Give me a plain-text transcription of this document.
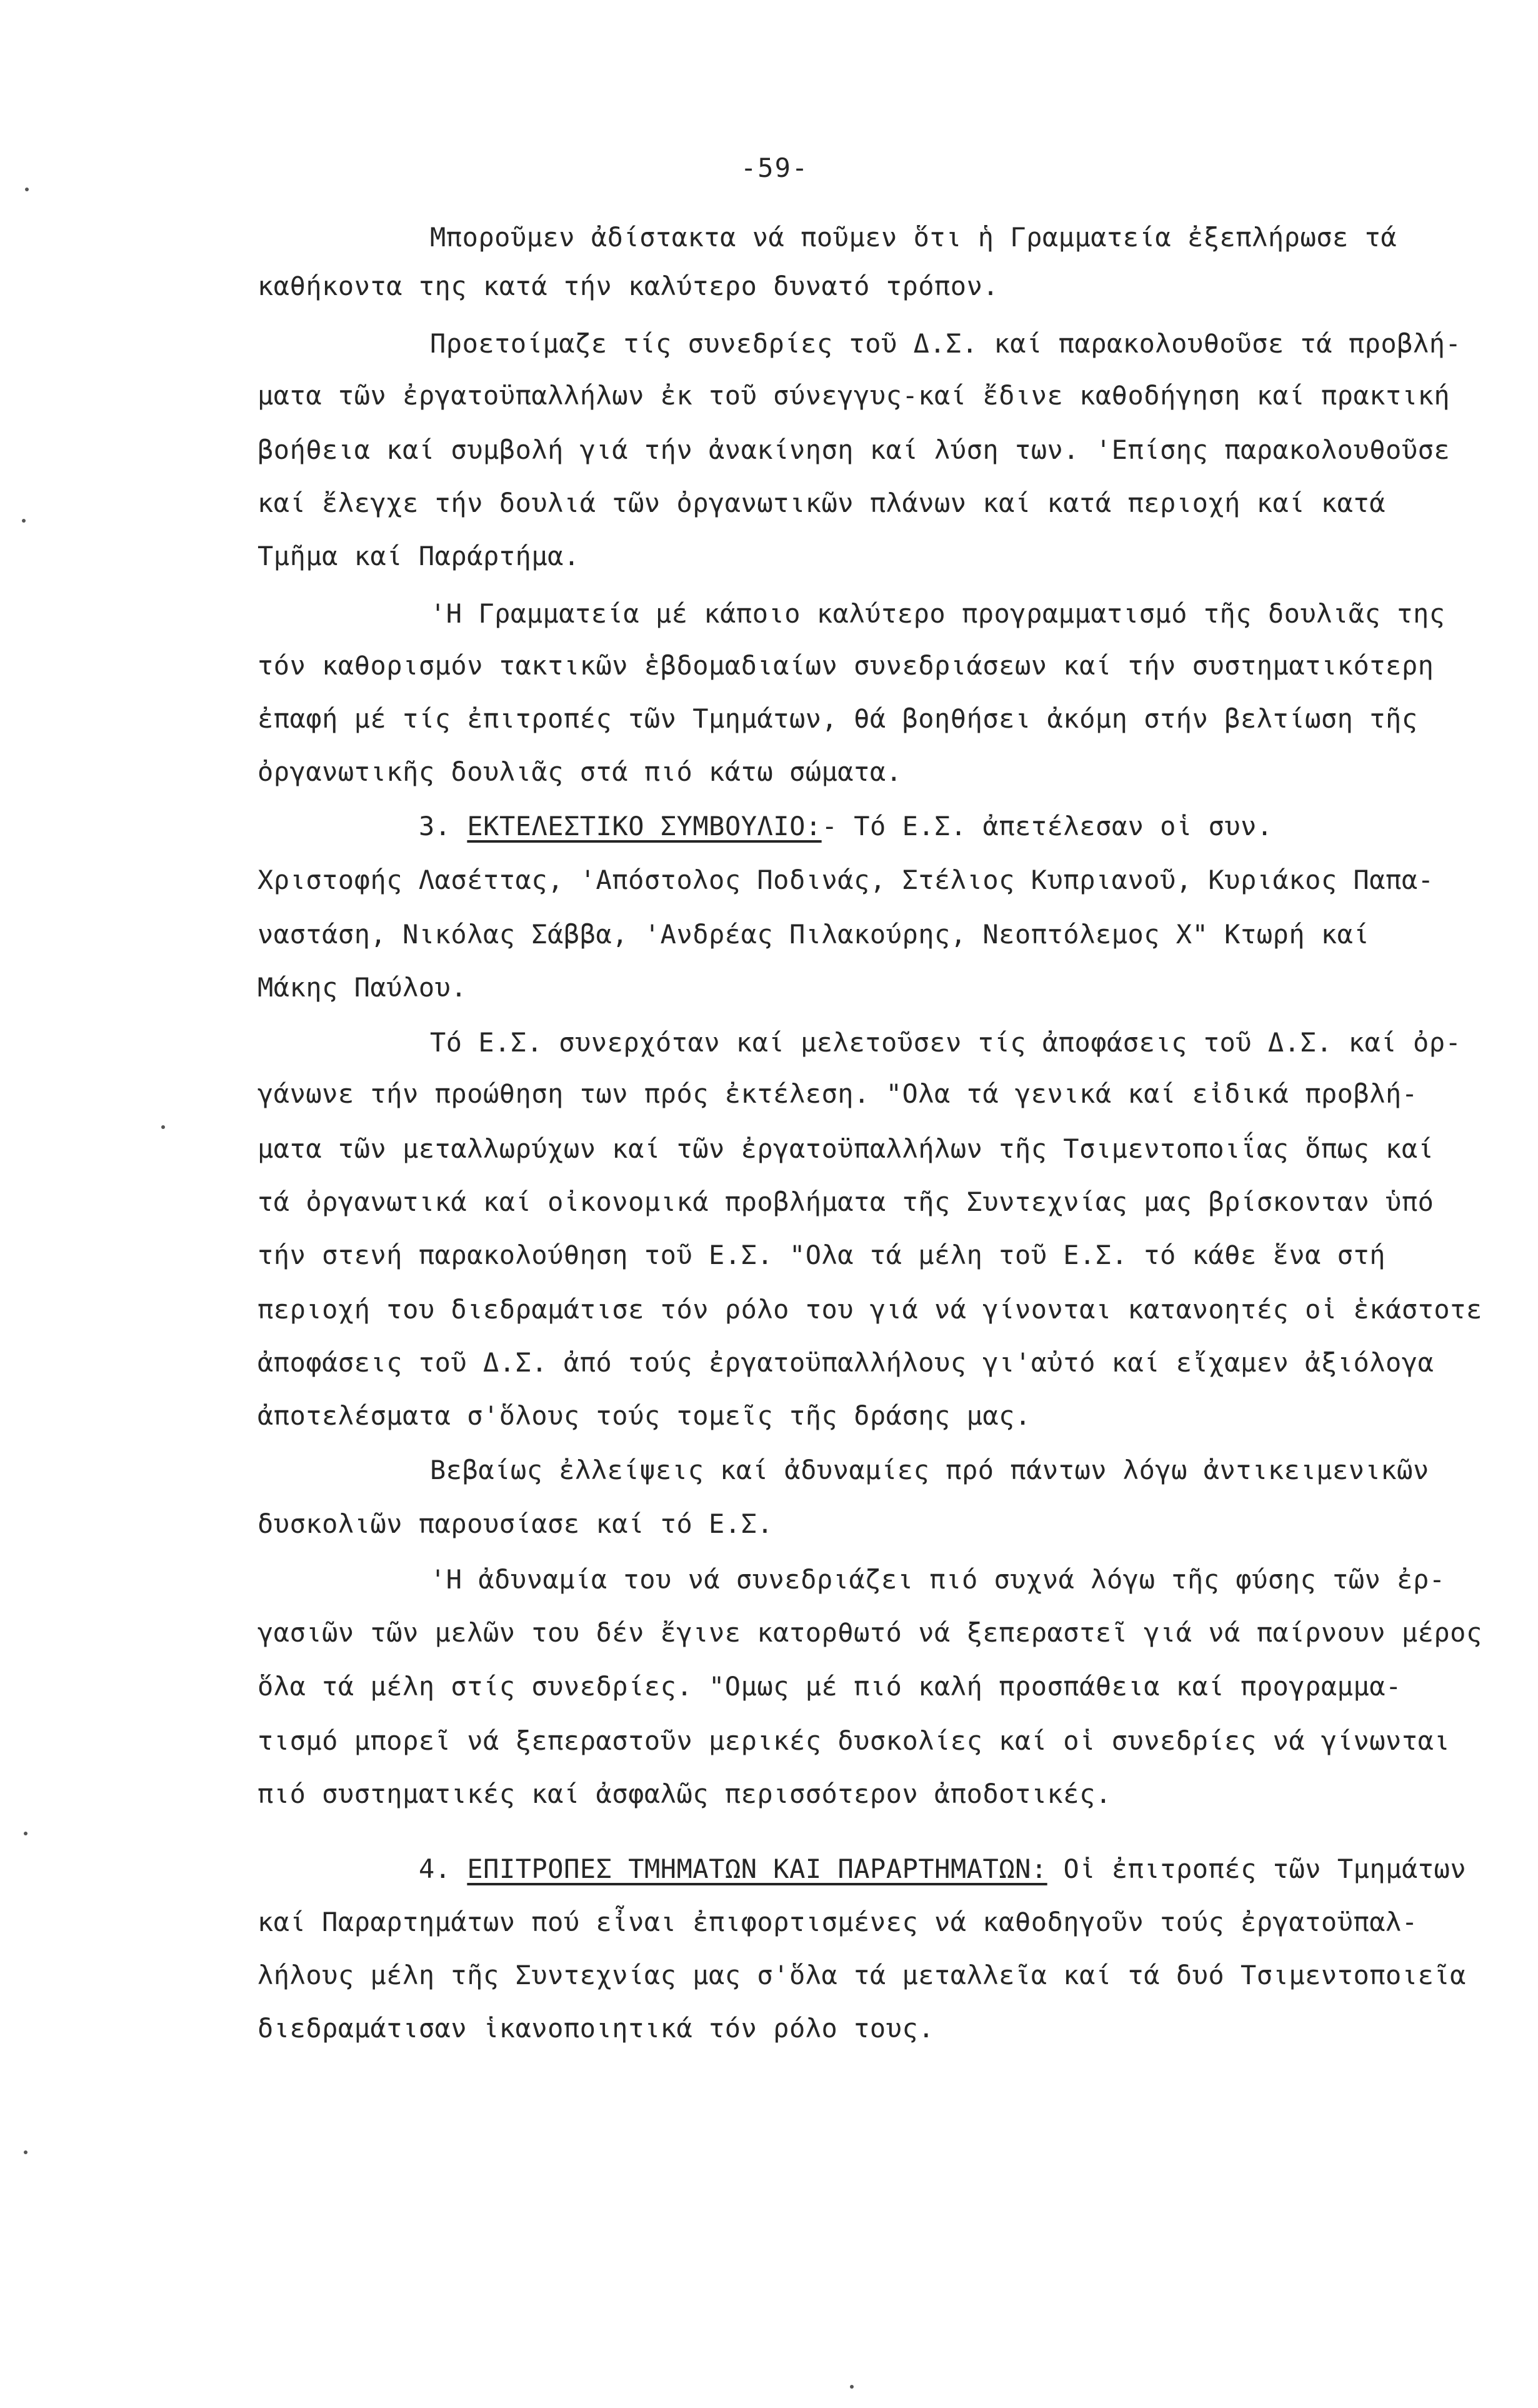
-59-
Μποροῦμεν ἀδίστακτα νά ποῦμεν ὅτι ἡ Γραμματεία ἐξεπλήρωσε τά
καθήκοντα της κατά τήν καλύτερο δυνατό τρόπον.
Προετοίμαζε τίς συνεδρίες τοῦ Δ.Σ. καί παρακολουθοῦσε τά προβλή-
ματα τῶν ἐργατοϋπαλλήλων ἐκ τοῦ σύνεγγυς-καί ἔδινε καθοδήγηση καί πρακτική
βοήθεια καί συμβολή γιά τήν ἀνακίνηση καί λύση των. 'Επίσης παρακολουθοῦσε
καί ἔλεγχε τήν δουλιά τῶν ὀργανωτικῶν πλάνων καί κατά περιοχή καί κατά
Τμῆμα καί Παράρτήμα.
'Η Γραμματεία μέ κάποιο καλύτερο προγραμματισμό τῆς δουλιᾶς της
τόν καθορισμόν τακτικῶν ἑβδομαδιαίων συνεδριάσεων καί τήν συστηματικότερη
ἐπαφή μέ τίς ἐπιτροπές τῶν Τμημάτων, θά βοηθήσει ἀκόμη στήν βελτίωση τῆς
ὀργανωτικῆς δουλιᾶς στά πιό κάτω σώματα.
3. ΕΚΤΕΛΕΣΤΙΚΟ ΣΥΜΒΟΥΛΙΟ:- Τό Ε.Σ. ἀπετέλεσαν οἱ συν.
Χριστοφής Λασέττας, 'Απόστολος Ποδινάς, Στέλιος Κυπριανοῦ, Κυριάκος Παπα-
ναστάση, Νικόλας Σάββα, 'Ανδρέας Πιλακούρης, Νεοπτόλεμος Χ" Κτωρή καί
Μάκης Παύλου.
Τό Ε.Σ. συνερχόταν καί μελετοῦσεν τίς ἀποφάσεις τοῦ Δ.Σ. καί ὀρ-
γάνωνε τήν προώθηση των πρός ἐκτέλεση. "Ολα τά γενικά καί εἰδικά προβλή-
ματα τῶν μεταλλωρύχων καί τῶν ἐργατοϋπαλλήλων τῆς Τσιμεντοποιΐας ὅπως καί
τά ὀργανωτικά καί οἰκονομικά προβλήματα τῆς Συντεχνίας μας βρίσκονταν ὑπό
τήν στενή παρακολούθηση τοῦ Ε.Σ. "Ολα τά μέλη τοῦ Ε.Σ. τό κάθε ἕνα στή
περιοχή του διεδραμάτισε τόν ρόλο του γιά νά γίνονται κατανοητές οἱ ἑκάστοτε
ἀποφάσεις τοῦ Δ.Σ. ἀπό τούς ἐργατοϋπαλλήλους γι'αὐτό καί εἴχαμεν ἀξιόλογα
ἀποτελέσματα σ'ὅλους τούς τομεῖς τῆς δράσης μας.
Βεβαίως ἐλλείψεις καί ἀδυναμίες πρό πάντων λόγω ἀντικειμενικῶν
δυσκολιῶν παρουσίασε καί τό Ε.Σ.
'Η ἀδυναμία του νά συνεδριάζει πιό συχνά λόγω τῆς φύσης τῶν ἐρ-
γασιῶν τῶν μελῶν του δέν ἔγινε κατορθωτό νά ξεπεραστεῖ γιά νά παίρνουν μέρος
ὅλα τά μέλη στίς συνεδρίες. "Ομως μέ πιό καλή προσπάθεια καί προγραμμα-
τισμό μπορεῖ νά ξεπεραστοῦν μερικές δυσκολίες καί οἱ συνεδρίες νά γίνωνται
πιό συστηματικές καί ἀσφαλῶς περισσότερον ἀποδοτικές.
4. ΕΠΙΤΡΟΠΕΣ ΤΜΗΜΑΤΩΝ ΚΑΙ ΠΑΡΑΡΤΗΜΑΤΩΝ: Οἱ ἐπιτροπές τῶν Τμημάτων
καί Παραρτημάτων πού εἶναι ἐπιφορτισμένες νά καθοδηγοῦν τούς ἐργατοϋπαλ-
λήλους μέλη τῆς Συντεχνίας μας σ'ὅλα τά μεταλλεῖα καί τά δυό Τσιμεντοποιεῖα
διεδραμάτισαν ἱκανοποιητικά τόν ρόλο τους.
